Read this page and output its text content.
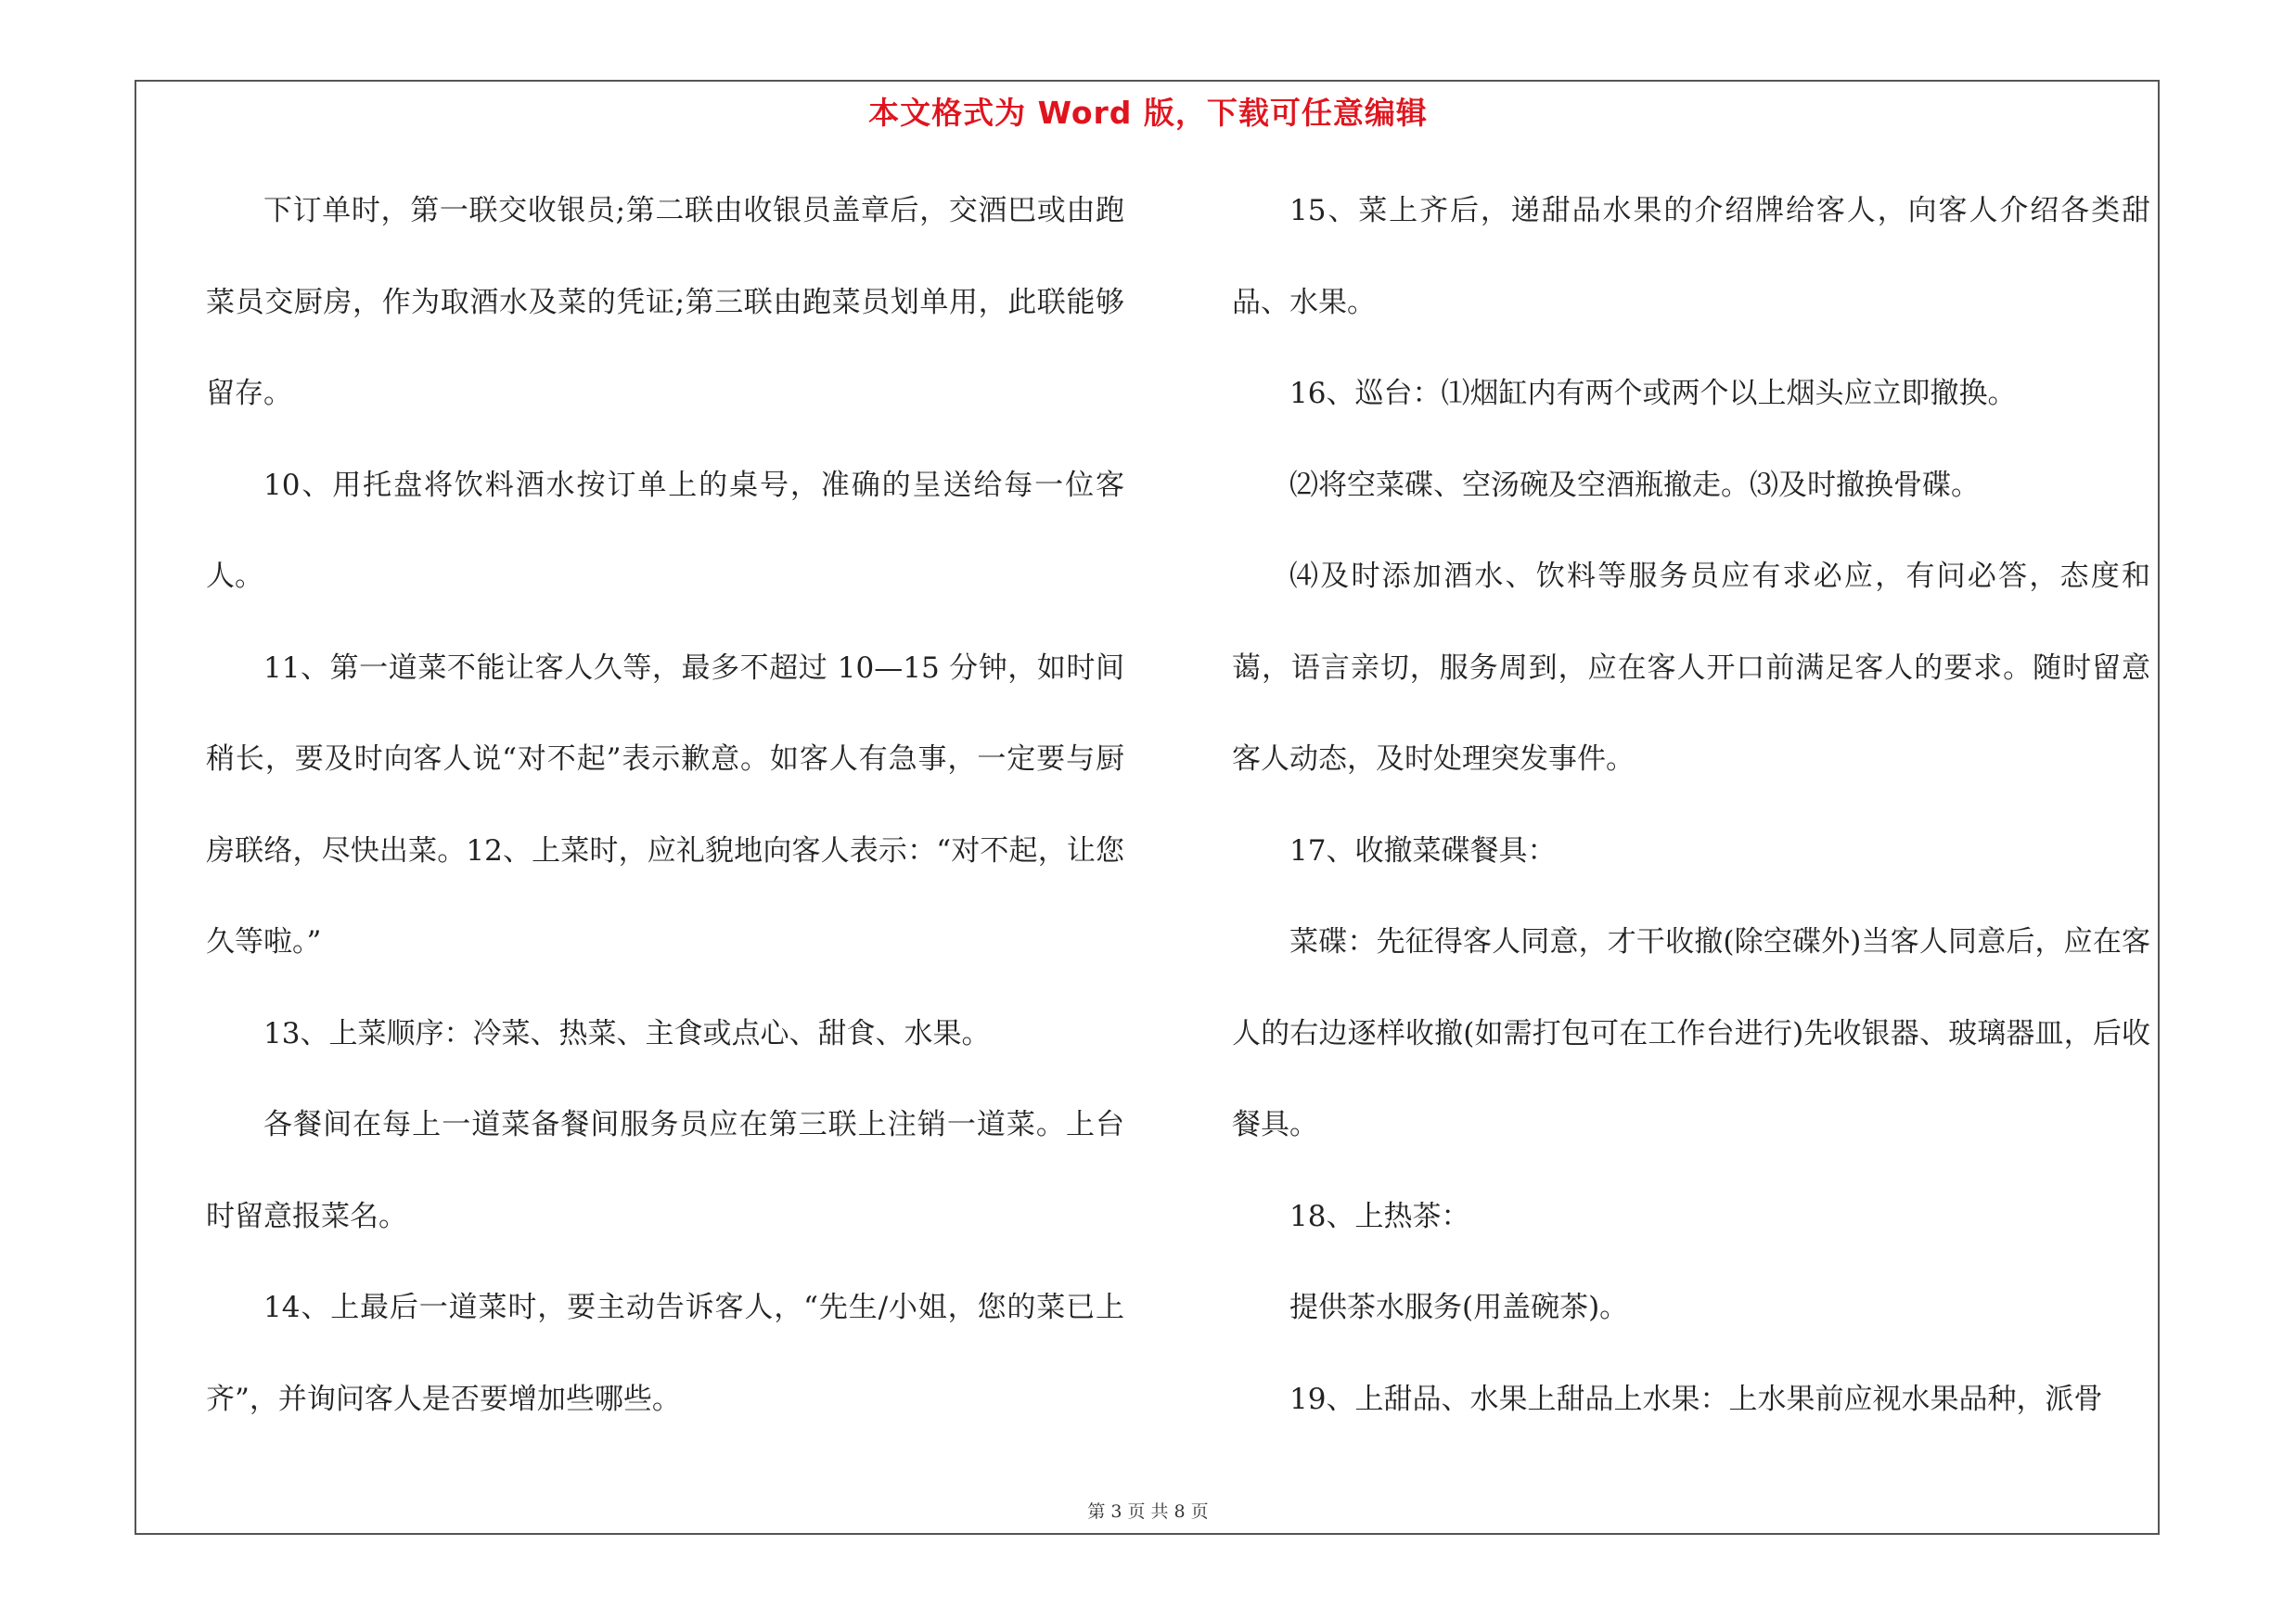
本文格式为 Word 版，下载可任意编辑

下订单时，第一联交收银员;第二联由收银员盖章后，交酒巴或由跑菜员交厨房，作为取酒水及菜的凭证;第三联由跑菜员划单用，此联能够留存。

10、用托盘将饮料酒水按订单上的桌号，准确的呈送给每一位客人。

11、第一道菜不能让客人久等，最多不超过 10—15 分钟，如时间稍长，要及时向客人说“对不起”表示歉意。如客人有急事，一定要与厨房联络，尽快出菜。12、上菜时，应礼貌地向客人表示：“对不起，让您久等啦。”

13、上菜顺序：冷菜、热菜、主食或点心、甜食、水果。

各餐间在每上一道菜备餐间服务员应在第三联上注销一道菜。上台时留意报菜名。

14、上最后一道菜时，要主动告诉客人，“先生/小姐，您的菜已上齐”，并询问客人是否要增加些哪些。

15、菜上齐后，递甜品水果的介绍牌给客人，向客人介绍各类甜品、水果。

16、巡台：⑴烟缸内有两个或两个以上烟头应立即撤换。

⑵将空菜碟、空汤碗及空酒瓶撤走。⑶及时撤换骨碟。

⑷及时添加酒水、饮料等服务员应有求必应，有问必答，态度和蔼，语言亲切，服务周到，应在客人开口前满足客人的要求。随时留意客人动态，及时处理突发事件。

17、收撤菜碟餐具：

菜碟：先征得客人同意，才干收撤(除空碟外)当客人同意后，应在客人的右边逐样收撤(如需打包可在工作台进行)先收银器、玻璃器皿，后收餐具。

18、上热茶：

提供茶水服务(用盖碗茶)。

19、上甜品、水果上甜品上水果：上水果前应视水果品种，派骨

第 3 页 共 8 页
